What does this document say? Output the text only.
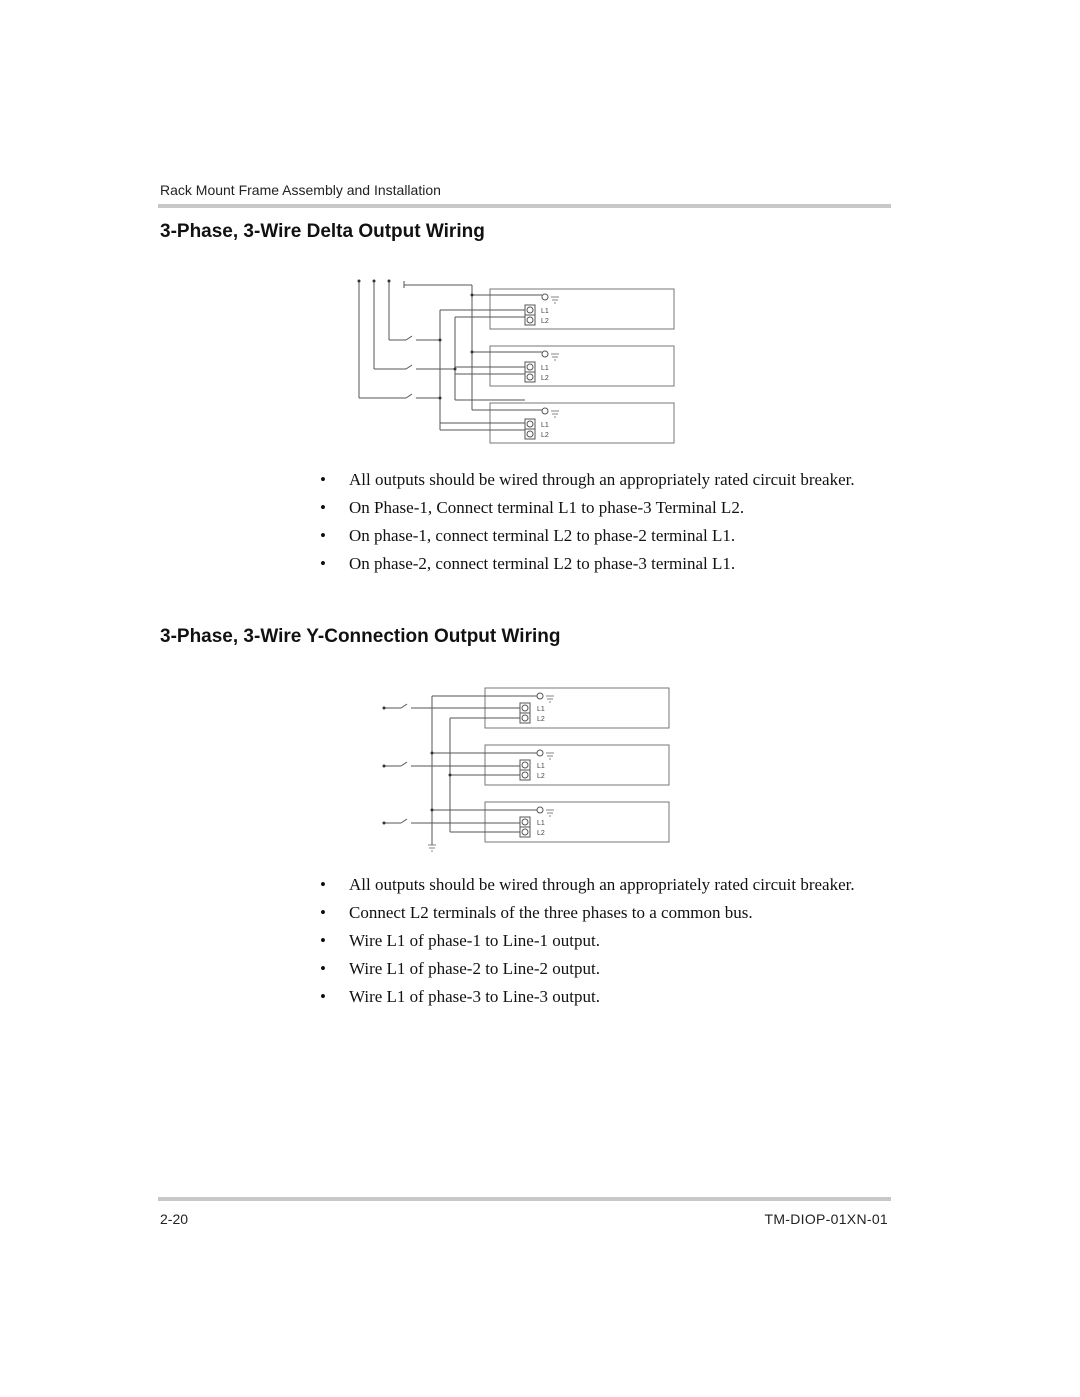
Rack Mount Frame Assembly and Installation
3-Phase, 3-Wire Delta Output Wiring
L1
L2
L1
L2
L1
L2
• All outputs should be wired through an appropriately rated circuit breaker.
• On Phase-1, Connect terminal L1 to phase-3 Terminal L2.
• On phase-1, connect terminal L2 to phase-2 terminal L1.
• On phase-2, connect terminal L2 to phase-3 terminal L1.
3-Phase, 3-Wire Y-Connection Output Wiring
L1
L2
L1
L2
L1
L2
• All outputs should be wired through an appropriately rated circuit breaker.
• Connect L2 terminals of the three phases to a common bus.
• Wire L1 of phase-1 to Line-1 output.
• Wire L1 of phase-2 to Line-2 output.
• Wire L1 of phase-3 to Line-3 output.
2-20	TM-DIOP-01XN-01
